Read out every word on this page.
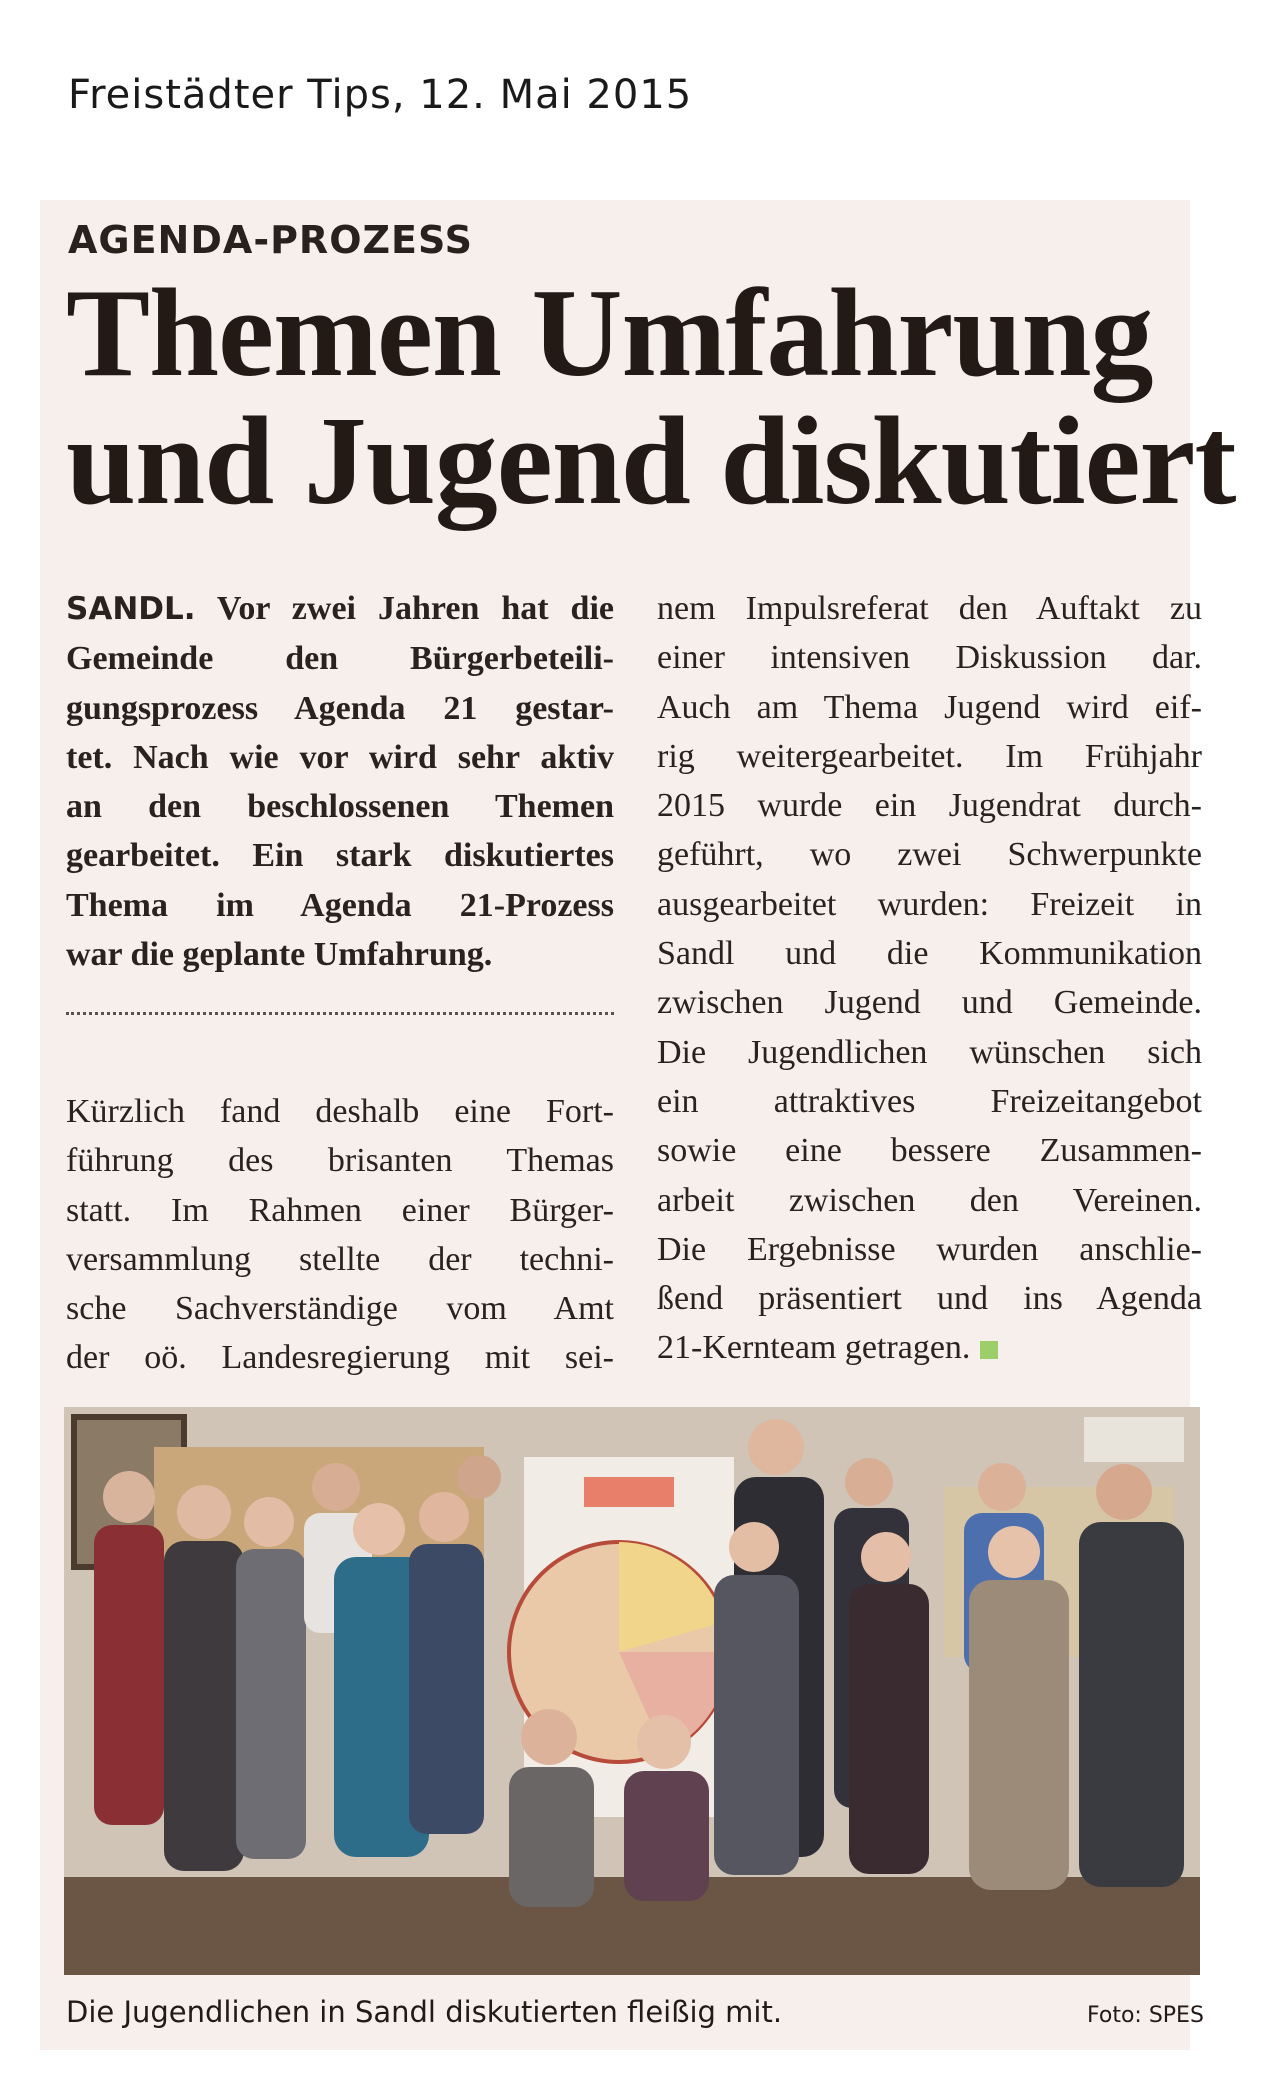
Freistädter Tips, 12. Mai 2015
AGENDA-PROZESS
Themen Umfahrung
und Jugend diskutiert
SANDL. Vor zwei Jahren hat die
Gemeinde den Bürgerbeteili-
gungsprozess Agenda 21 gestar-
tet. Nach wie vor wird sehr aktiv
an den beschlossenen Themen
gearbeitet. Ein stark diskutiertes
Thema im Agenda 21-Prozess
war die geplante Umfahrung.
Kürzlich fand deshalb eine Fort-
führung des brisanten Themas
statt. Im Rahmen einer Bürger-
versammlung stellte der techni-
sche Sachverständige vom Amt
der oö. Landesregierung mit sei-
nem Impulsreferat den Auftakt zu
einer intensiven Diskussion dar.
Auch am Thema Jugend wird eif-
rig weitergearbeitet. Im Frühjahr
2015 wurde ein Jugendrat durch-
geführt, wo zwei Schwerpunkte
ausgearbeitet wurden: Freizeit in
Sandl und die Kommunikation
zwischen Jugend und Gemeinde.
Die Jugendlichen wünschen sich
ein attraktives Freizeitangebot
sowie eine bessere Zusammen-
arbeit zwischen den Vereinen.
Die Ergebnisse wurden anschlie-
ßend präsentiert und ins Agenda
21-Kernteam getragen.
Die Jugendlichen in Sandl diskutierten fleißig mit.	Foto: SPES
